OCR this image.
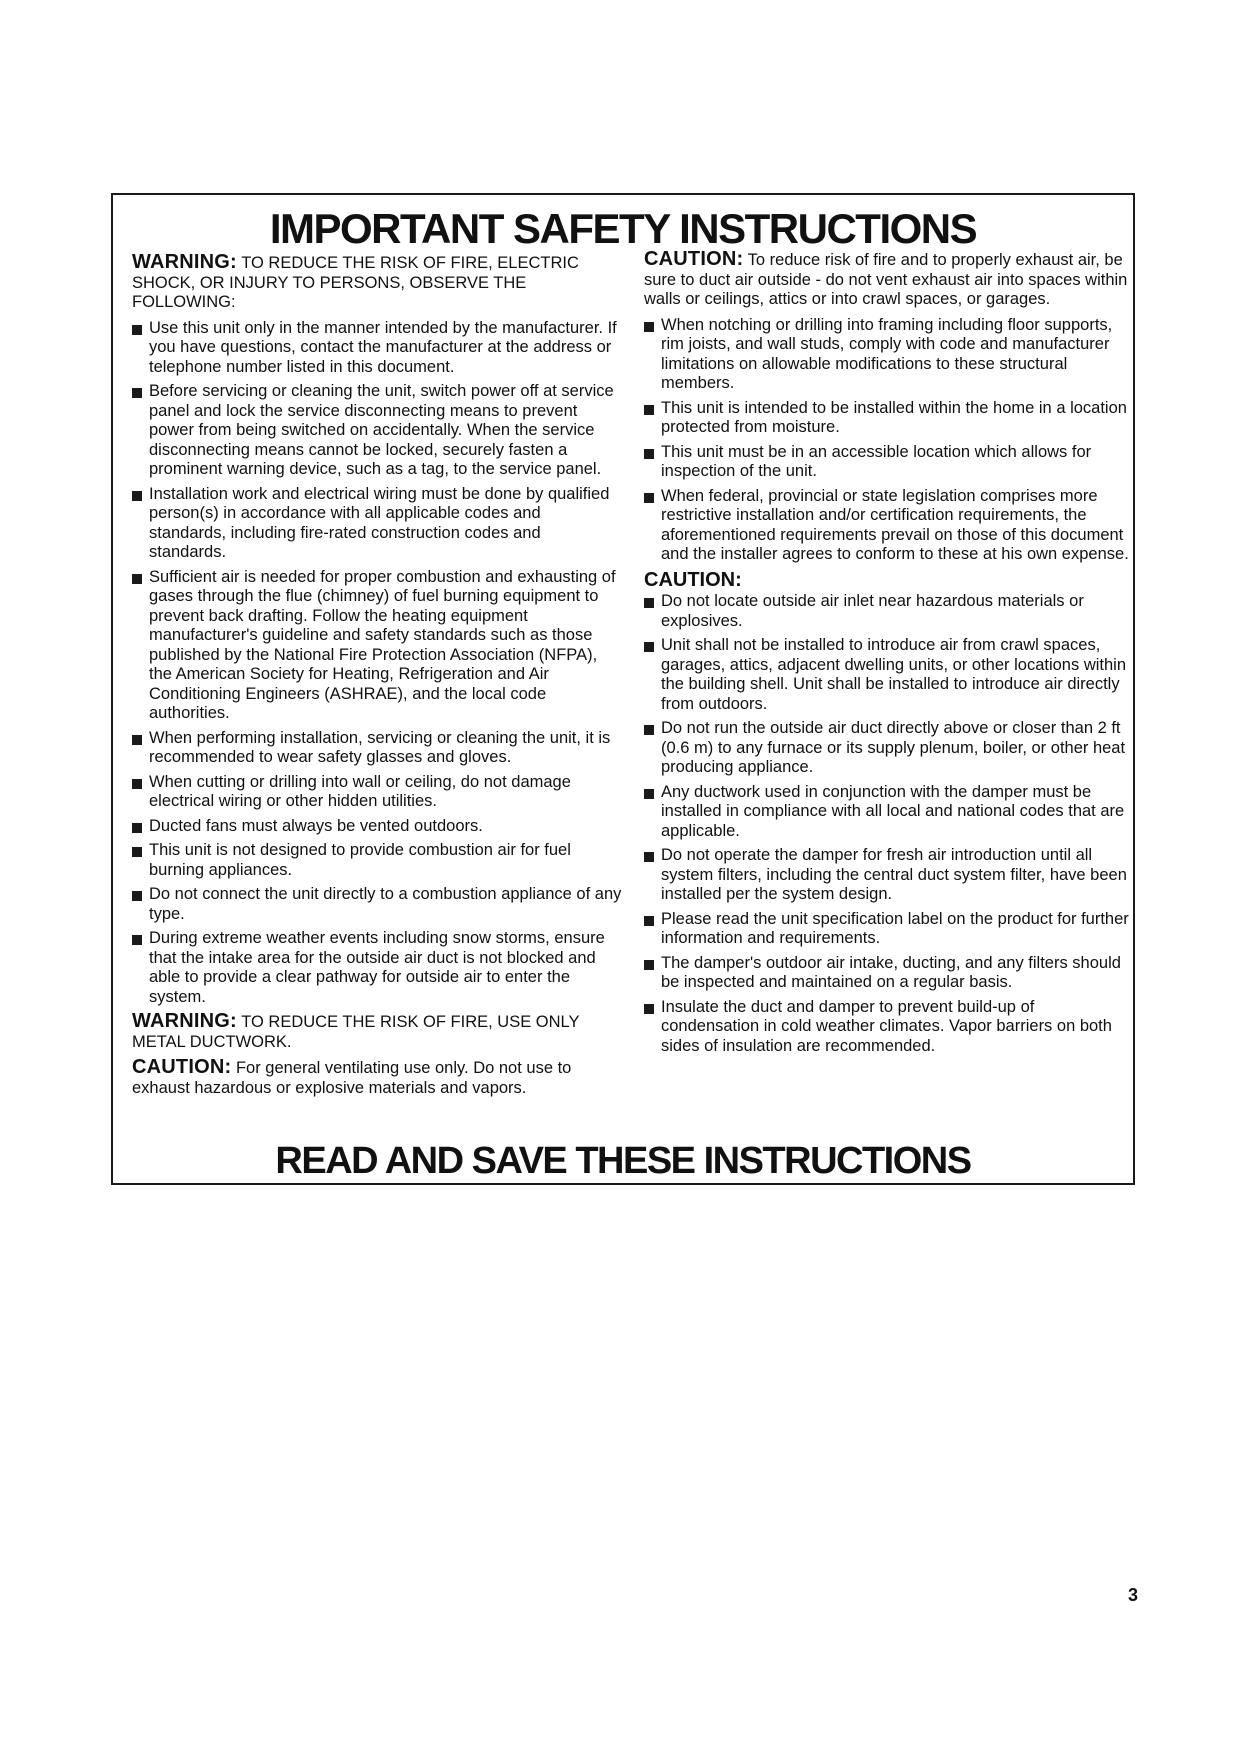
IMPORTANT SAFETY INSTRUCTIONS

WARNING: TO REDUCE THE RISK OF FIRE, ELECTRIC SHOCK, OR INJURY TO PERSONS, OBSERVE THE FOLLOWING:

Use this unit only in the manner intended by the manufacturer. If you have questions, contact the manufacturer at the address or telephone number listed in this document.
Before servicing or cleaning the unit, switch power off at service panel and lock the service disconnecting means to prevent power from being switched on accidentally. When the service disconnecting means cannot be locked, securely fasten a prominent warning device, such as a tag, to the service panel.
Installation work and electrical wiring must be done by qualified person(s) in accordance with all applicable codes and standards, including fire-rated construction codes and standards.
Sufficient air is needed for proper combustion and exhausting of gases through the flue (chimney) of fuel burning equipment to prevent back drafting. Follow the heating equipment manufacturer's guideline and safety standards such as those published by the National Fire Protection Association (NFPA), the American Society for Heating, Refrigeration and Air Conditioning Engineers (ASHRAE), and the local code authorities.
When performing installation, servicing or cleaning the unit, it is recommended to wear safety glasses and gloves.
When cutting or drilling into wall or ceiling, do not damage electrical wiring or other hidden utilities.
Ducted fans must always be vented outdoors.
This unit is not designed to provide combustion air for fuel burning appliances.
Do not connect the unit directly to a combustion appliance of any type.
During extreme weather events including snow storms, ensure that the intake area for the outside air duct is not blocked and able to provide a clear pathway for outside air to enter the system.

WARNING: TO REDUCE THE RISK OF FIRE, USE ONLY METAL DUCTWORK.

CAUTION: For general ventilating use only. Do not use to exhaust hazardous or explosive materials and vapors.

CAUTION: To reduce risk of fire and to properly exhaust air, be sure to duct air outside - do not vent exhaust air into spaces within walls or ceilings, attics or into crawl spaces, or garages.

When notching or drilling into framing including floor supports, rim joists, and wall studs, comply with code and manufacturer limitations on allowable modifications to these structural members.
This unit is intended to be installed within the home in a location protected from moisture.
This unit must be in an accessible location which allows for inspection of the unit.
When federal, provincial or state legislation comprises more restrictive installation and/or certification requirements, the aforementioned requirements prevail on those of this document and the installer agrees to conform to these at his own expense.
CAUTION:
Do not locate outside air inlet near hazardous materials or explosives.
Unit shall not be installed to introduce air from crawl spaces, garages, attics, adjacent dwelling units, or other locations within the building shell. Unit shall be installed to introduce air directly from outdoors.
Do not run the outside air duct directly above or closer than 2 ft (0.6 m) to any furnace or its supply plenum, boiler, or other heat producing appliance.
Any ductwork used in conjunction with the damper must be installed in compliance with all local and national codes that are applicable.
Do not operate the damper for fresh air introduction until all system filters, including the central duct system filter, have been installed per the system design.
Please read the unit specification label on the product for further information and requirements.
The damper's outdoor air intake, ducting, and any filters should be inspected and maintained on a regular basis.
Insulate the duct and damper to prevent build-up of condensation in cold weather climates. Vapor barriers on both sides of insulation are recommended.
READ AND SAVE THESE INSTRUCTIONS
3
